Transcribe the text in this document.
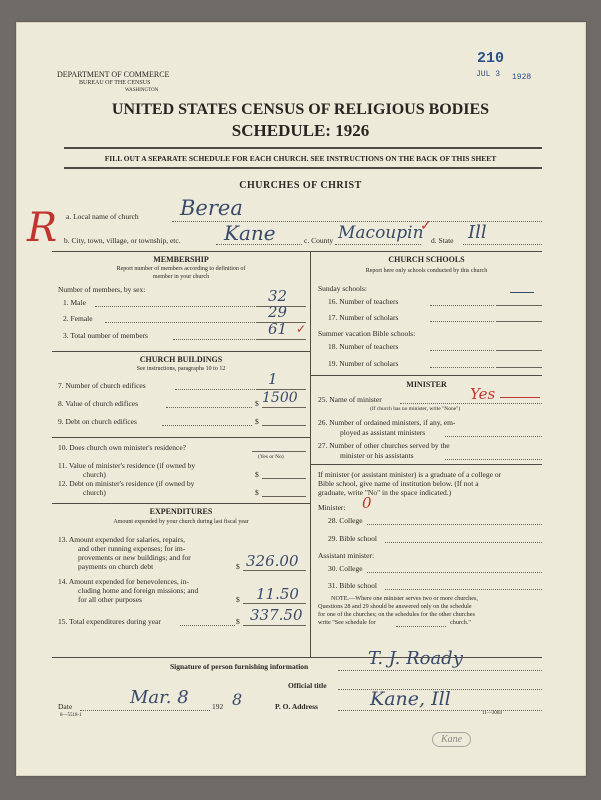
DEPARTMENT OF COMMERCE
BUREAU OF THE CENSUS
WASHINGTON
210
JUL 3 1928
UNITED STATES CENSUS OF RELIGIOUS BODIES
SCHEDULE: 1926
FILL OUT A SEPARATE SCHEDULE FOR EACH CHURCH. SEE INSTRUCTIONS ON THE BACK OF THIS SHEET
CHURCHES OF CHRIST
R a. Local name of church Berea
b. City, town, village, or township, etc. Kane	c. County Macoupin
✓
d. State Ill
MEMBERSHIP
Report number of members according to definition of
member in your church
Number of members, by sex:
1. Male	32
2. Female	29
3. Total number of members	61 ✓
CHURCH BUILDINGS
See instructions, paragraphs 10 to 12
7. Number of church edifices	1
8. Value of church edifices	$ 1500
9. Debt on church edifices	$
10. Does church own minister's residence?
(Yes or No)
11. Value of minister's residence (if owned by
church)	$
12. Debt on minister's residence (if owned by
church)	$
EXPENDITURES
Amount expended by your church during last fiscal year
13. Amount expended for salaries, repairs,
and other running expenses; for im-
provements or new buildings; and for
payments on church debt	$ 326.00
14. Amount expended for benevolences, in-
cluding home and foreign missions; and
for all other purposes	$ 11.50
15. Total expenditures during year	$ 337.50
CHURCH SCHOOLS
Report here only schools conducted by this church
Sunday schools:
16. Number of teachers
17. Number of scholars
Summer vacation Bible schools:
18. Number of teachers
19. Number of scholars
MINISTER
25. Name of minister	Yes
(If church has no minister, write "None")
26. Number of ordained ministers, if any, em-
ployed as assistant ministers
27. Number of other churches served by the
minister or his assistants
If minister (or assistant minister) is a graduate of a college or
Bible school, give name of institution below. (If not a
graduate, write "No" in the space indicated.)
Minister: 0
28. College
29. Bible school
Assistant minister:
30. College
31. Bible school
NOTE.—Where one minister serves two or more churches,
Questions 28 and 29 should be answered only on the schedule
for one of the churches; on the schedules for the other churches
write "See schedule for	church."
Signature of person furnishing information	T. J. Roady
Official title
Date	Mar. 8	192 8	P. O. Address	Kane, Ill
8—5518-1	11—3004
Kane
